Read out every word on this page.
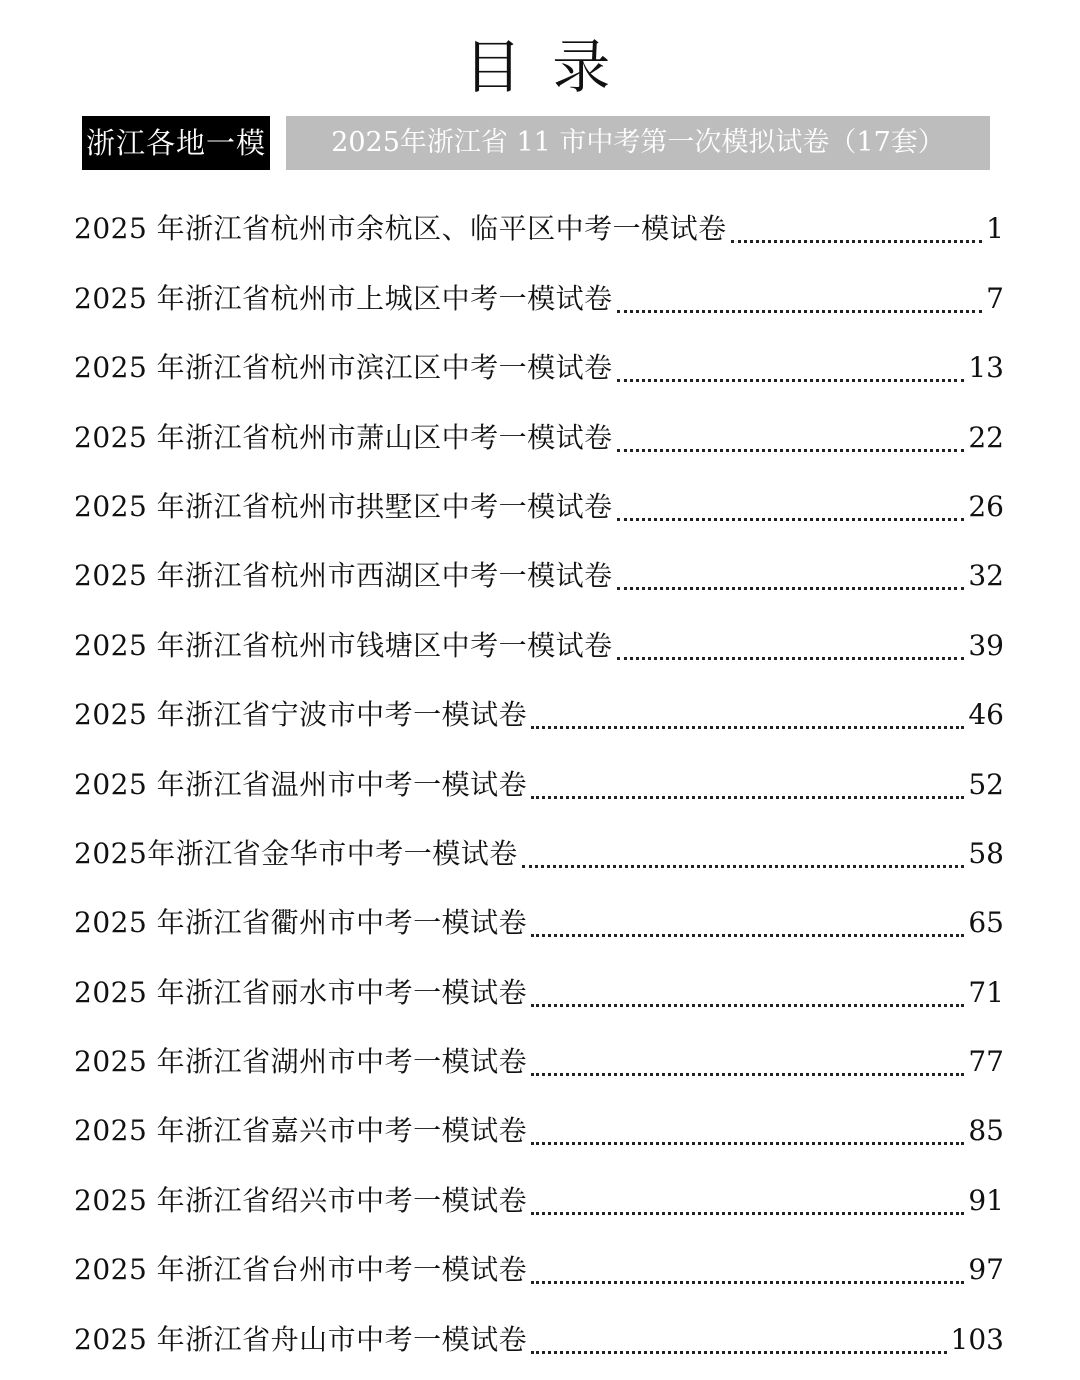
目 录
浙江各地一模	2025年浙江省 11 市中考第一次模拟试卷（17套）
2025 年浙江省杭州市余杭区、临平区中考一模试卷	1
2025 年浙江省杭州市上城区中考一模试卷	7
2025 年浙江省杭州市滨江区中考一模试卷	13
2025 年浙江省杭州市萧山区中考一模试卷	22
2025 年浙江省杭州市拱墅区中考一模试卷	26
2025 年浙江省杭州市西湖区中考一模试卷	32
2025 年浙江省杭州市钱塘区中考一模试卷	39
2025 年浙江省宁波市中考一模试卷	46
2025 年浙江省温州市中考一模试卷	52
2025年浙江省金华市中考一模试卷	58
2025 年浙江省衢州市中考一模试卷	65
2025 年浙江省丽水市中考一模试卷	71
2025 年浙江省湖州市中考一模试卷	77
2025 年浙江省嘉兴市中考一模试卷	85
2025 年浙江省绍兴市中考一模试卷	91
2025 年浙江省台州市中考一模试卷	97
2025 年浙江省舟山市中考一模试卷	103
